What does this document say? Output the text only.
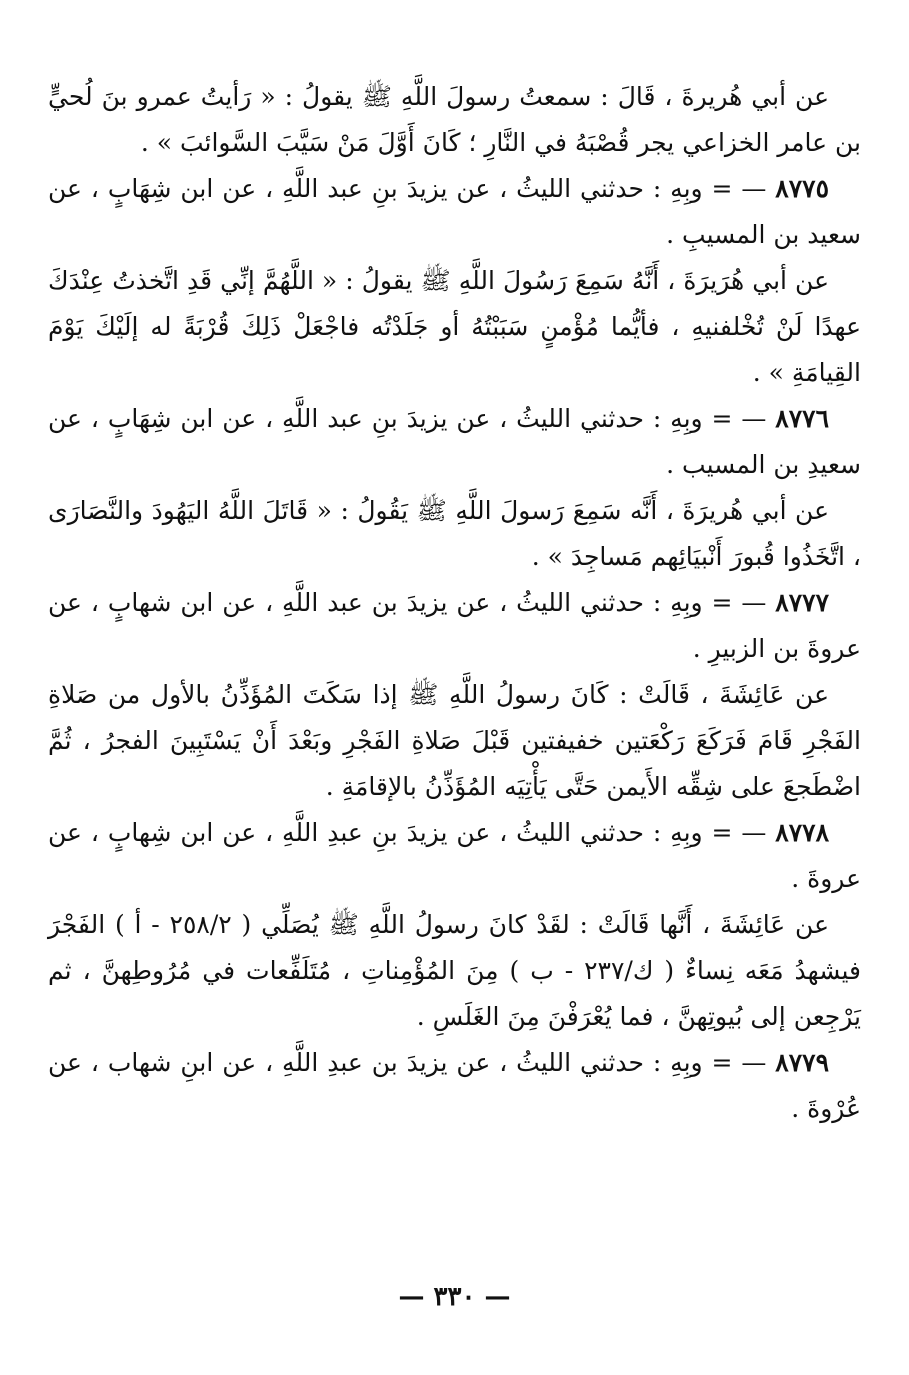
عن أبي هُريرةَ ، قَالَ : سمعتُ رسولَ اللَّهِ ﷺ يقولُ : « رَأيتُ عمرو بنَ لُحيٍّ بن عامر الخزاعي يجر قُصْبَهُ في النَّارِ ؛ كَانَ أَوَّلَ مَنْ سَيَّبَ السَّوائبَ » .

٨٧٧٥ — = وبِهِ : حدثني الليثُ ، عن يزيدَ بنِ عبد اللَّهِ ، عن ابن شِهَابٍ ، عن سعيد بن المسيبِ .

عن أبي هُرَيرَةَ ، أَنَّهُ سَمِعَ رَسُولَ اللَّهِ ﷺ يقولُ : « اللَّهُمَّ إنِّي قَدِ اتَّخذتُ عِنْدَكَ عهدًا لَنْ تُخْلفنيهِ ، فأيُّما مُؤْمنٍ سَبَبْتُهُ أو جَلَدْتُه فاجْعَلْ ذَلِكَ قُرْبَةً له إلَيْكَ يَوْمَ القِيامَةِ » .

٨٧٧٦ — = وبِهِ : حدثني الليثُ ، عن يزيدَ بنِ عبد اللَّهِ ، عن ابن شِهَابٍ ، عن سعيدِ بن المسيب .

عن أبي هُريرَةَ ، أَنَّه سَمِعَ رَسولَ اللَّهِ ﷺ يَقُولُ : « قَاتَلَ اللَّهُ اليَهُودَ والنَّصَارَى ، اتَّخَذُوا قُبورَ أَنْبيَائِهم مَساجِدَ » .

٨٧٧٧ — = وبِهِ : حدثني الليثُ ، عن يزيدَ بن عبد اللَّهِ ، عن ابن شهابٍ ، عن عروةَ بن الزبيرِ .

عن عَائِشَةَ ، قَالَتْ : كَانَ رسولُ اللَّهِ ﷺ إذا سَكَتَ المُؤَذِّنُ بالأول من صَلاةِ الفَجْرِ قَامَ فَرَكَعَ رَكْعَتين خفيفتين قَبْلَ صَلاةِ الفَجْرِ وبَعْدَ أَنْ يَسْتَبِينَ الفجرُ ، ثُمَّ اضْطَجعَ على شِقِّه الأَيمن حَتَّى يَأْتِيَه المُؤَذِّنُ بالإقامَةِ .

٨٧٧٨ — = وبِهِ : حدثني الليثُ ، عن يزيدَ بنِ عبدِ اللَّهِ ، عن ابن شِهابٍ ، عن عروةَ .

عن عَائِشَةَ ، أَنَّها قَالَتْ : لقَدْ كانَ رسولُ اللَّهِ ﷺ يُصَلِّي ( ٢٥٨/٢ - أ ) الفَجْرَ فيشهدُ مَعَه نِساءٌ ( ك/٢٣٧ - ب ) مِنَ المُؤْمِناتِ ، مُتَلَفِّعات في مُرُوطِهنَّ ، ثم يَرْجِعن إلى بُيوتِهنَّ ، فما يُعْرَفْنَ مِنَ الغَلَسِ .

٨٧٧٩ — = وبِهِ : حدثني الليثُ ، عن يزيدَ بن عبدِ اللَّهِ ، عن ابنِ شهاب ، عن عُرْوةَ .

— ٣٣٠ —
